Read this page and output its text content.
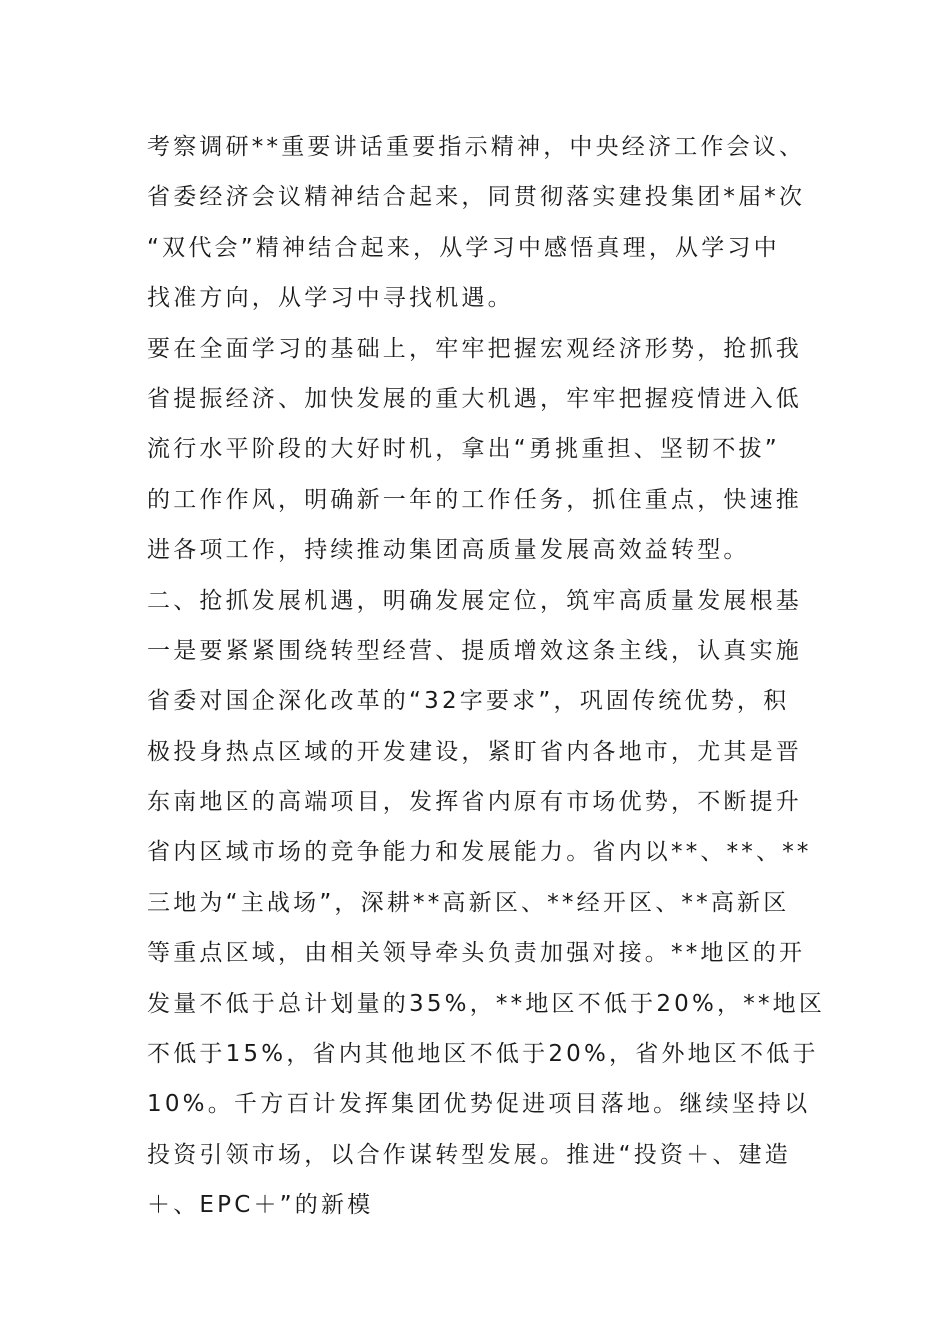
考察调研**重要讲话重要指示精神，中央经济工作会议、
省委经济会议精神结合起来，同贯彻落实建投集团*届*次
“双代会”精神结合起来，从学习中感悟真理，从学习中
找准方向，从学习中寻找机遇。
要在全面学习的基础上，牢牢把握宏观经济形势，抢抓我
省提振经济、加快发展的重大机遇，牢牢把握疫情进入低
流行水平阶段的大好时机，拿出“勇挑重担、坚韧不拔”
的工作作风，明确新一年的工作任务，抓住重点，快速推
进各项工作，持续推动集团高质量发展高效益转型。
二、抢抓发展机遇，明确发展定位，筑牢高质量发展根基
一是要紧紧围绕转型经营、提质增效这条主线，认真实施
省委对国企深化改革的“32字要求”，巩固传统优势，积
极投身热点区域的开发建设，紧盯省内各地市，尤其是晋
东南地区的高端项目，发挥省内原有市场优势，不断提升
省内区域市场的竞争能力和发展能力。省内以**、**、**
三地为“主战场”，深耕**高新区、**经开区、**高新区
等重点区域，由相关领导牵头负责加强对接。**地区的开
发量不低于总计划量的35%，**地区不低于20%，**地区
不低于15%，省内其他地区不低于20%，省外地区不低于
10%。千方百计发挥集团优势促进项目落地。继续坚持以
投资引领市场，以合作谋转型发展。推进“投资＋、建造
＋、EPC＋”的新模
